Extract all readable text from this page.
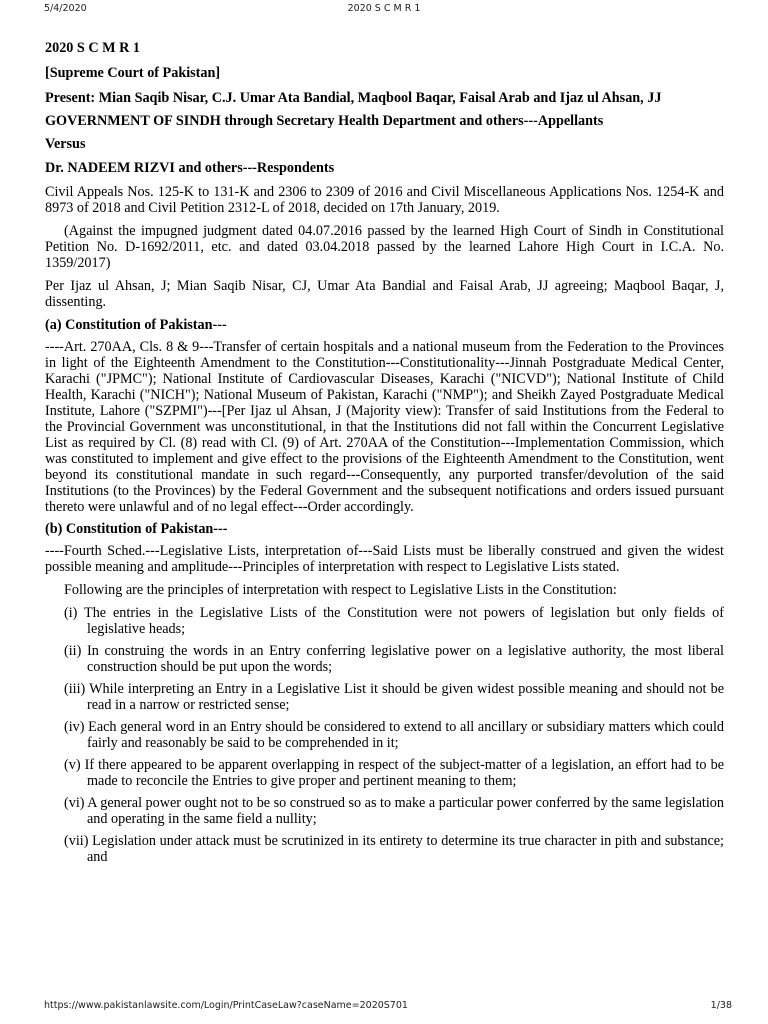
5/4/2020	2020 S C M R 1

2020 S C M R 1

[Supreme Court of Pakistan]

Present: Mian Saqib Nisar, C.J. Umar Ata Bandial, Maqbool Baqar, Faisal Arab and Ijaz ul Ahsan, JJ

GOVERNMENT OF SINDH through Secretary Health Department and others---Appellants

Versus

Dr. NADEEM RIZVI and others---Respondents

Civil Appeals Nos. 125-K to 131-K and 2306 to 2309 of 2016 and Civil Miscellaneous Applications Nos. 1254-K and 8973 of 2018 and Civil Petition 2312-L of 2018, decided on 17th January, 2019.

(Against the impugned judgment dated 04.07.2016 passed by the learned High Court of Sindh in Constitutional Petition No. D-1692/2011, etc. and dated 03.04.2018 passed by the learned Lahore High Court in I.C.A. No. 1359/2017)

Per Ijaz ul Ahsan, J; Mian Saqib Nisar, CJ, Umar Ata Bandial and Faisal Arab, JJ agreeing; Maqbool Baqar, J, dissenting.

(a) Constitution of Pakistan---

----Art. 270AA, Cls. 8 & 9---Transfer of certain hospitals and a national museum from the Federation to the Provinces in light of the Eighteenth Amendment to the Constitution---Constitutionality---Jinnah Postgraduate Medical Center, Karachi ("JPMC"); National Institute of Cardiovascular Diseases, Karachi ("NICVD"); National Institute of Child Health, Karachi ("NICH"); National Museum of Pakistan, Karachi ("NMP"); and Sheikh Zayed Postgraduate Medical Institute, Lahore ("SZPMI")---[Per Ijaz ul Ahsan, J (Majority view): Transfer of said Institutions from the Federal to the Provincial Government was unconstitutional, in that the Institutions did not fall within the Concurrent Legislative List as required by Cl. (8) read with Cl. (9) of Art. 270AA of the Constitution---Implementation Commission, which was constituted to implement and give effect to the provisions of the Eighteenth Amendment to the Constitution, went beyond its constitutional mandate in such regard---Consequently, any purported transfer/devolution of the said Institutions (to the Provinces) by the Federal Government and the subsequent notifications and orders issued pursuant thereto were unlawful and of no legal effect---Order accordingly.

(b) Constitution of Pakistan---

----Fourth Sched.---Legislative Lists, interpretation of---Said Lists must be liberally construed and given the widest possible meaning and amplitude---Principles of interpretation with respect to Legislative Lists stated.

Following are the principles of interpretation with respect to Legislative Lists in the Constitution:

(i) The entries in the Legislative Lists of the Constitution were not powers of legislation but only fields of legislative heads;

(ii) In construing the words in an Entry conferring legislative power on a legislative authority, the most liberal construction should be put upon the words;

(iii) While interpreting an Entry in a Legislative List it should be given widest possible meaning and should not be read in a narrow or restricted sense;

(iv) Each general word in an Entry should be considered to extend to all ancillary or subsidiary matters which could fairly and reasonably be said to be comprehended in it;

(v) If there appeared to be apparent overlapping in respect of the subject-matter of a legislation, an effort had to be made to reconcile the Entries to give proper and pertinent meaning to them;

(vi) A general power ought not to be so construed so as to make a particular power conferred by the same legislation and operating in the same field a nullity;

(vii) Legislation under attack must be scrutinized in its entirety to determine its true character in pith and substance; and

https://www.pakistanlawsite.com/Login/PrintCaseLaw?caseName=2020S701	1/38
